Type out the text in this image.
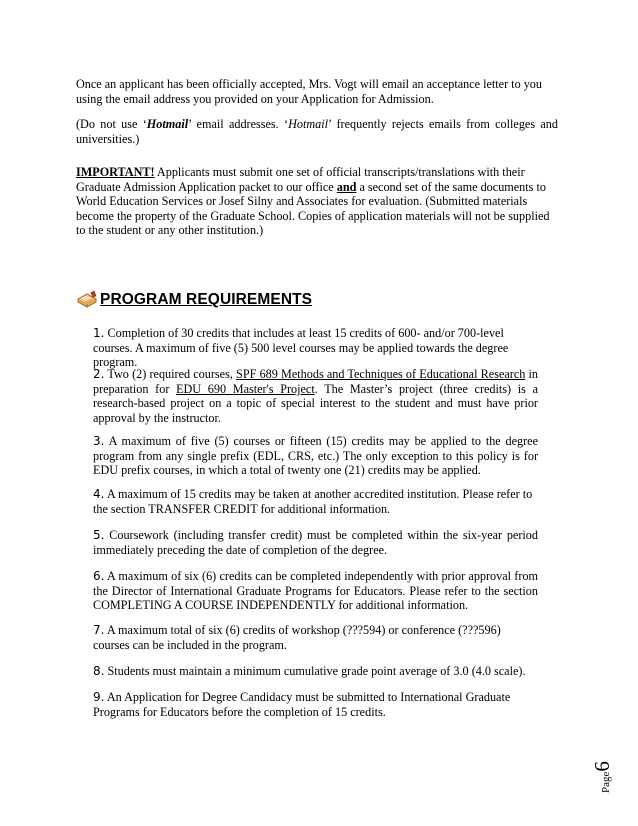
Once an applicant has been officially accepted, Mrs. Vogt will email an acceptance letter to you using the email address you provided on your Application for Admission.

(Do not use ‘Hotmail’ email addresses. ‘Hotmail’ frequently rejects emails from colleges and universities.)

IMPORTANT! Applicants must submit one set of official transcripts/translations with their Graduate Admission Application packet to our office and a second set of the same documents to World Education Services or Josef Silny and Associates for evaluation. (Submitted materials become the property of the Graduate School. Copies of application materials will not be supplied to the student or any other institution.)

PROGRAM REQUIREMENTS

1. Completion of 30 credits that includes at least 15 credits of 600- and/or 700-level courses. A maximum of five (5) 500 level courses may be applied towards the degree program.

2. Two (2) required courses, SPF 689 Methods and Techniques of Educational Research in preparation for EDU 690 Master's Project. The Master’s project (three credits) is a research-based project on a topic of special interest to the student and must have prior approval by the instructor.

3. A maximum of five (5) courses or fifteen (15) credits may be applied to the degree program from any single prefix (EDL, CRS, etc.) The only exception to this policy is for EDU prefix courses, in which a total of twenty one (21) credits may be applied.

4. A maximum of 15 credits may be taken at another accredited institution. Please refer to the section TRANSFER CREDIT for additional information.

5. Coursework (including transfer credit) must be completed within the six-year period immediately preceding the date of completion of the degree.

6. A maximum of six (6) credits can be completed independently with prior approval from the Director of International Graduate Programs for Educators. Please refer to the section COMPLETING A COURSE INDEPENDENTLY for additional information.

7. A maximum total of six (6) credits of workshop (???594) or conference (???596) courses can be included in the program.

8. Students must maintain a minimum cumulative grade point average of 3.0 (4.0 scale).

9. An Application for Degree Candidacy must be submitted to International Graduate Programs for Educators before the completion of 15 credits.

Page6
